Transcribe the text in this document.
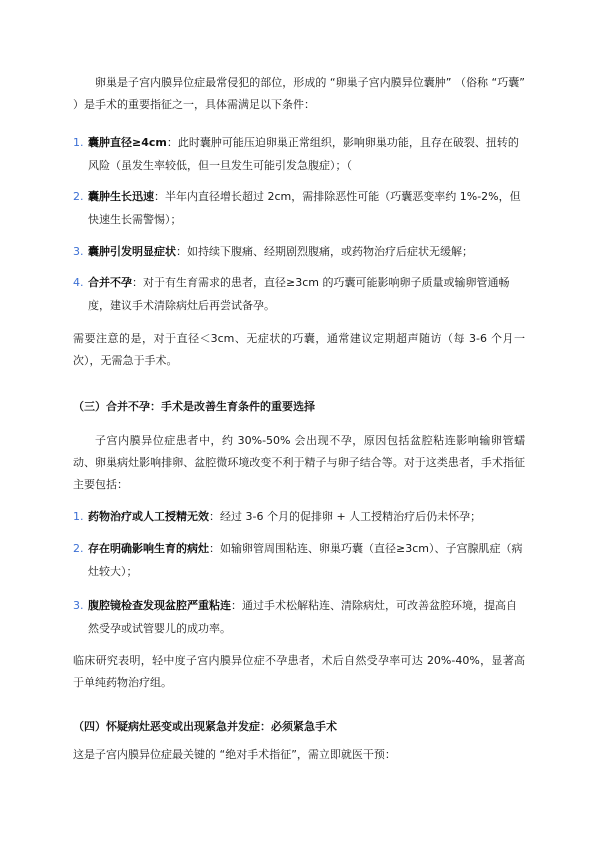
卵巢是子宫内膜异位症最常侵犯的部位，形成的 “卵巢子宫内膜异位囊肿” （俗称 “巧囊” ）是手术的重要指征之一，具体需满足以下条件：

1. 囊肿直径≥4cm：此时囊肿可能压迫卵巢正常组织，影响卵巢功能，且存在破裂、扭转的风险（虽发生率较低，但一旦发生可能引发急腹症）；（
2. 囊肿生长迅速：半年内直径增长超过 2cm，需排除恶性可能（巧囊恶变率约 1%-2%，但快速生长需警惕）；
3. 囊肿引发明显症状：如持续下腹痛、经期剧烈腹痛，或药物治疗后症状无缓解；
4. 合并不孕：对于有生育需求的患者，直径≥3cm 的巧囊可能影响卵子质量或输卵管通畅度，建议手术清除病灶后再尝试备孕。

需要注意的是，对于直径＜3cm、无症状的巧囊，通常建议定期超声随访（每 3-6 个月一次），无需急于手术。

（三）合并不孕：手术是改善生育条件的重要选择

子宫内膜异位症患者中，约 30%-50% 会出现不孕，原因包括盆腔粘连影响输卵管蠕动、卵巢病灶影响排卵、盆腔微环境改变不利于精子与卵子结合等。对于这类患者，手术指征主要包括：

1. 药物治疗或人工授精无效：经过 3-6 个月的促排卵 + 人工授精治疗后仍未怀孕；
2. 存在明确影响生育的病灶：如输卵管周围粘连、卵巢巧囊（直径≥3cm）、子宫腺肌症（病灶较大）；
3. 腹腔镜检查发现盆腔严重粘连：通过手术松解粘连、清除病灶，可改善盆腔环境，提高自然受孕或试管婴儿的成功率。

临床研究表明，轻中度子宫内膜异位症不孕患者，术后自然受孕率可达 20%-40%，显著高于单纯药物治疗组。

（四）怀疑病灶恶变或出现紧急并发症：必须紧急手术

这是子宫内膜异位症最关键的 “绝对手术指征”，需立即就医干预：
